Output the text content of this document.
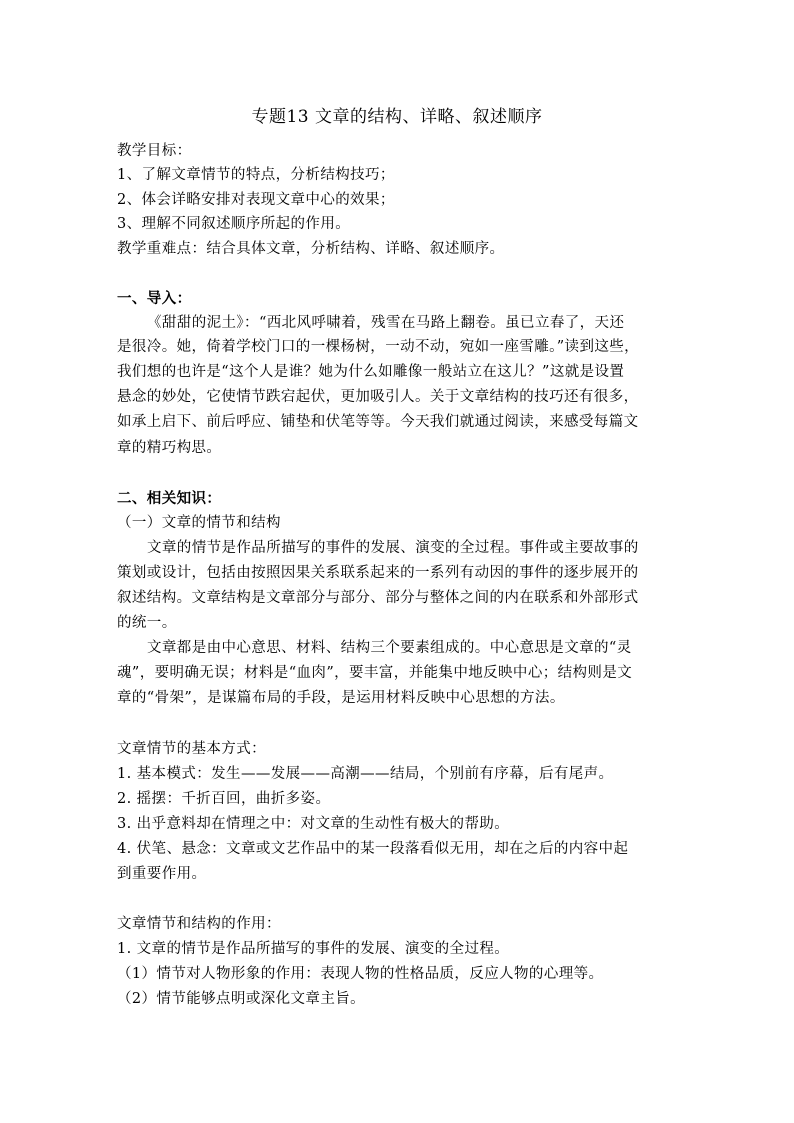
专题13 文章的结构、详略、叙述顺序
教学目标：
1、了解文章情节的特点，分析结构技巧；
2、体会详略安排对表现文章中心的效果；
3、理解不同叙述顺序所起的作用。
教学重难点：结合具体文章，分析结构、详略、叙述顺序。
一、导入：
《甜甜的泥土》：“西北风呼啸着，残雪在马路上翻卷。虽已立春了，天还
是很冷。她，倚着学校门口的一棵杨树，一动不动，宛如一座雪雕。”读到这些，
我们想的也许是“这个人是谁？她为什么如雕像一般站立在这儿？”这就是设置
悬念的妙处，它使情节跌宕起伏，更加吸引人。关于文章结构的技巧还有很多，
如承上启下、前后呼应、铺垫和伏笔等等。今天我们就通过阅读，来感受每篇文
章的精巧构思。
二、相关知识：
（一）文章的情节和结构
文章的情节是作品所描写的事件的发展、演变的全过程。事件或主要故事的
策划或设计，包括由按照因果关系联系起来的一系列有动因的事件的逐步展开的
叙述结构。文章结构是文章部分与部分、部分与整体之间的内在联系和外部形式
的统一。
文章都是由中心意思、材料、结构三个要素组成的。中心意思是文章的“灵
魂”，要明确无误；材料是“血肉”，要丰富，并能集中地反映中心；结构则是文
章的“骨架”，是谋篇布局的手段，是运用材料反映中心思想的方法。
文章情节的基本方式：
1. 基本模式：发生——发展——高潮——结局，个别前有序幕，后有尾声。
2. 摇摆：千折百回，曲折多姿。
3. 出乎意料却在情理之中：对文章的生动性有极大的帮助。
4. 伏笔、悬念：文章或文艺作品中的某一段落看似无用，却在之后的内容中起
到重要作用。
文章情节和结构的作用：
1. 文章的情节是作品所描写的事件的发展、演变的全过程。
（1）情节对人物形象的作用：表现人物的性格品质，反应人物的心理等。
（2）情节能够点明或深化文章主旨。
